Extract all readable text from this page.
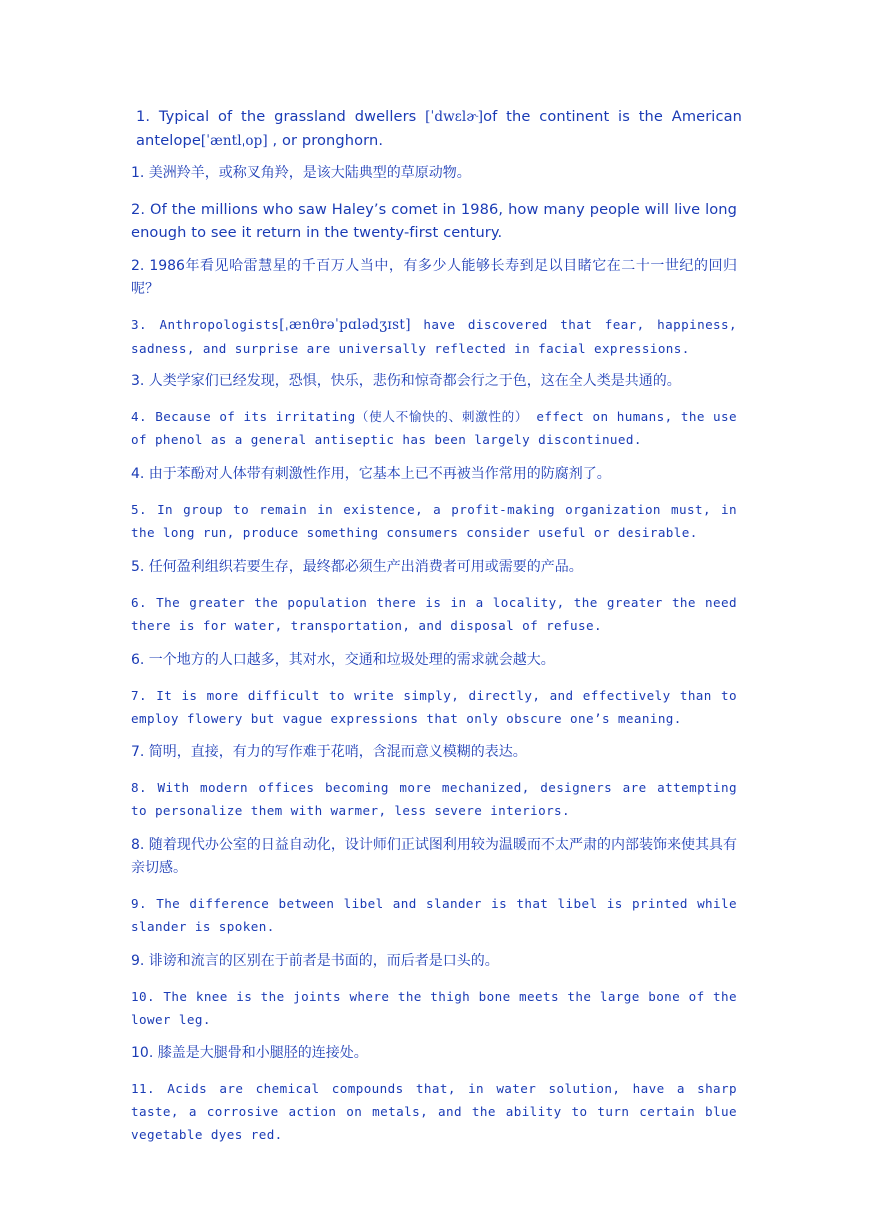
1. Typical of the grassland dwellers [ˈdwɛlɚ]of the continent is the American antelope[ˈæntlˌop] , or pronghorn.

1. 美洲羚羊，或称叉角羚，是该大陆典型的草原动物。

2. Of the millions who saw Haley’s comet in 1986, how many people will live long enough to see it return in the twenty-first century.

2. 1986年看见哈雷慧星的千百万人当中，有多少人能够长寿到足以目睹它在二十一世纪的回归呢？

3. Anthropologists[ˌænθrəˈpɑlədʒɪst] have discovered that fear, happiness, sadness, and surprise are universally reflected in facial expressions.

3. 人类学家们已经发现，恐惧，快乐，悲伤和惊奇都会行之于色，这在全人类是共通的。

4. Because of its irritating（使人不愉快的、刺激性的） effect on humans, the use of phenol as a general antiseptic has been largely discontinued.

4. 由于苯酚对人体带有刺激性作用，它基本上已不再被当作常用的防腐剂了。

5. In group to remain in existence, a profit-making organization must, in the long run, produce something consumers consider useful or desirable.

5. 任何盈利组织若要生存，最终都必须生产出消费者可用或需要的产品。

6. The greater the population there is in a locality, the greater the need there is for water, transportation, and disposal of refuse.

6. 一个地方的人口越多，其对水，交通和垃圾处理的需求就会越大。

7. It is more difficult to write simply, directly, and effectively than to employ flowery but vague expressions that only obscure one’s meaning.

7. 简明，直接，有力的写作难于花哨，含混而意义模糊的表达。

8. With modern offices becoming more mechanized, designers are attempting to personalize them with warmer, less severe interiors.

8. 随着现代办公室的日益自动化，设计师们正试图利用较为温暖而不太严肃的内部装饰来使其具有亲切感。

9. The difference between libel and slander is that libel is printed while slander is spoken.

9. 诽谤和流言的区别在于前者是书面的，而后者是口头的。

10. The knee is the joints where the thigh bone meets the large bone of the lower leg.

10. 膝盖是大腿骨和小腿胫的连接处。

11. Acids are chemical compounds that, in water solution, have a sharp taste, a corrosive action on metals, and the ability to turn certain blue vegetable dyes red.
